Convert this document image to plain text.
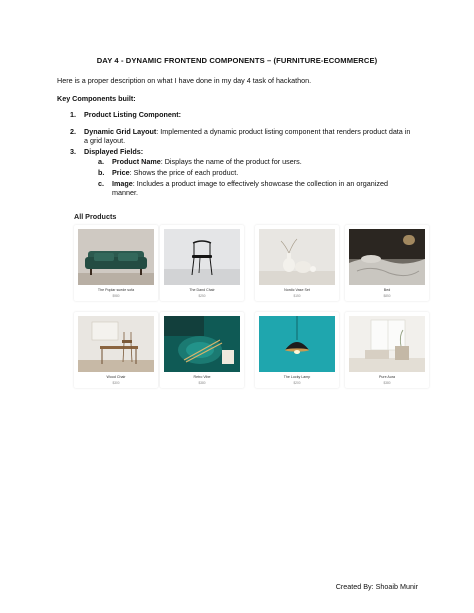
DAY 4 - DYNAMIC FRONTEND COMPONENTS – (FURNITURE-ECOMMERCE)
Here is a proper description on what I have done in my day 4 task of hackathon.
Key Components built:
1. Product Listing Component:
2. Dynamic Grid Layout: Implemented a dynamic product listing component that renders product data in a grid layout.
3. Displayed Fields:
a. Product Name: Displays the name of the product for users.
b. Price: Shows the price of each product.
c. Image: Includes a product image to effectively showcase the collection in an organized manner.
All Products
The Poplar suede sofa
$980
The Dand Chair
$250
Nordic Vase Set
$150
Bed
$850
Wood Chair
$300
Retro Vibe
$380
The Lucky Lamp
$200
Pure Aura
$380
Created By: Shoaib Munir
